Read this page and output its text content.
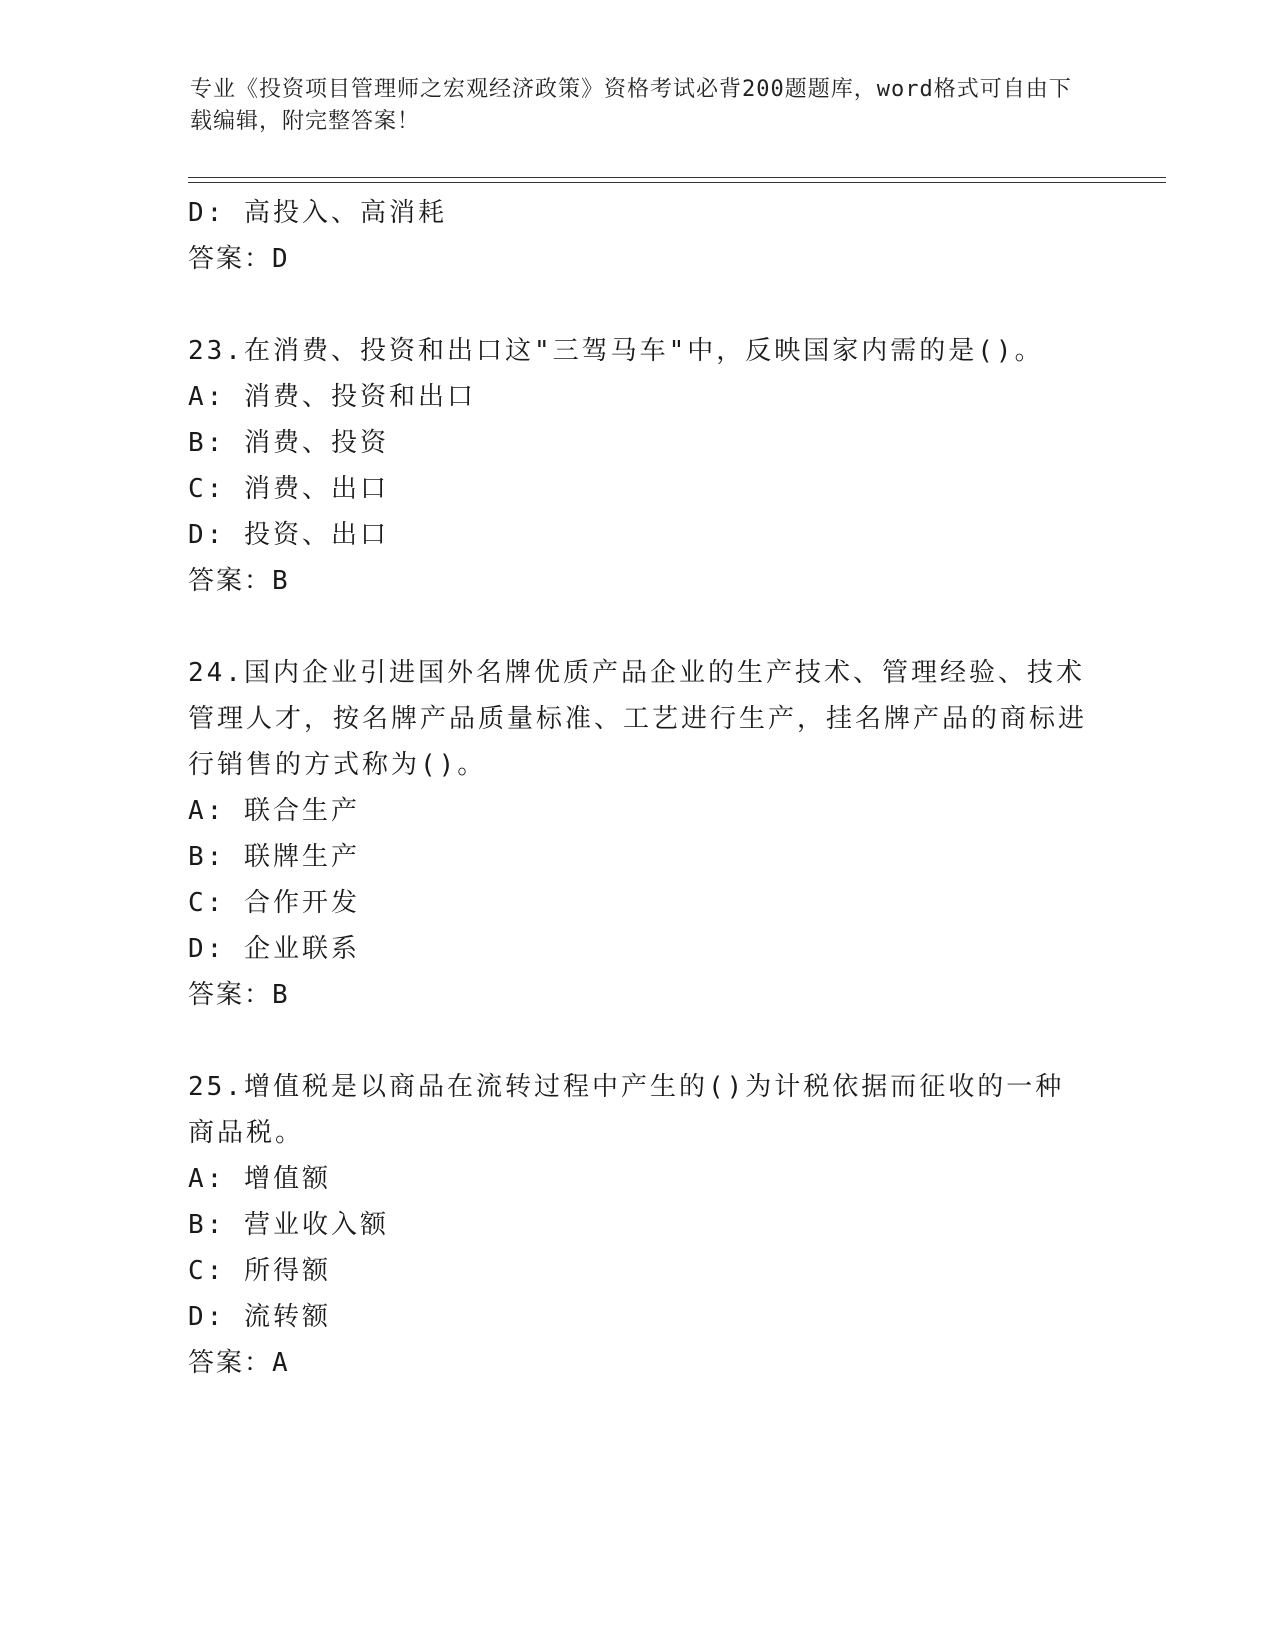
专业《投资项目管理师之宏观经济政策》资格考试必背200题题库，word格式可自由下载编辑，附完整答案！
D: 高投入、高消耗
答案：D
23.在消费、投资和出口这"三驾马车"中，反映国家内需的是()。
A: 消费、投资和出口
B: 消费、投资
C: 消费、出口
D: 投资、出口
答案：B
24.国内企业引进国外名牌优质产品企业的生产技术、管理经验、技术管理人才，按名牌产品质量标准、工艺进行生产，挂名牌产品的商标进行销售的方式称为()。
A: 联合生产
B: 联牌生产
C: 合作开发
D: 企业联系
答案：B
25.增值税是以商品在流转过程中产生的()为计税依据而征收的一种商品税。
A: 增值额
B: 营业收入额
C: 所得额
D: 流转额
答案：A
